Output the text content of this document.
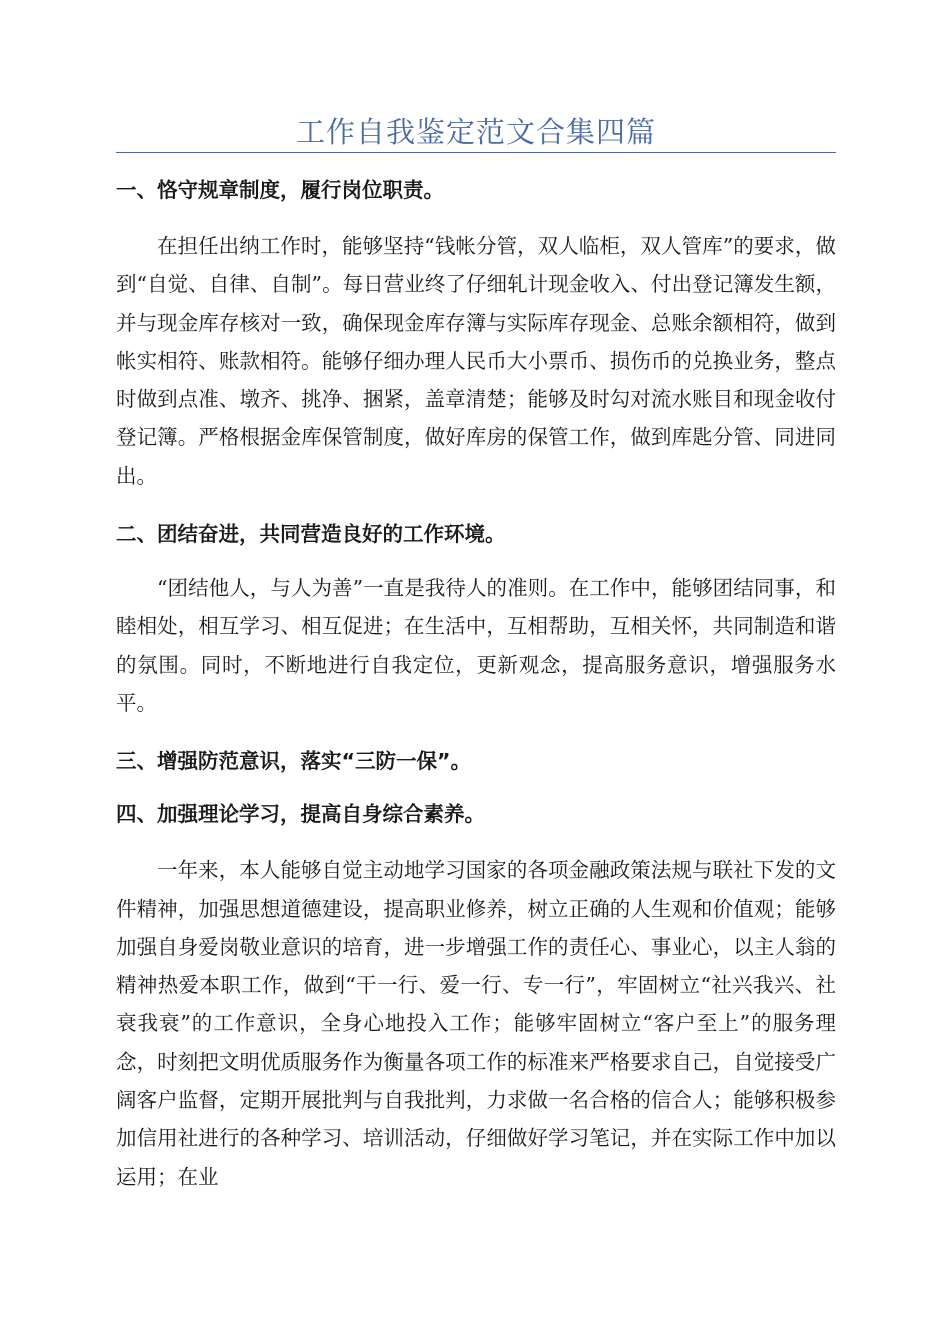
工作自我鉴定范文合集四篇

一、恪守规章制度，履行岗位职责。

在担任出纳工作时，能够坚持“钱帐分管，双人临柜，双人管库”的要求，做到“自觉、自律、自制”。每日营业终了仔细轧计现金收入、付出登记簿发生额，并与现金库存核对一致，确保现金库存簿与实际库存现金、总账余额相符，做到帐实相符、账款相符。能够仔细办理人民币大小票币、损伤币的兑换业务，整点时做到点准、墩齐、挑净、捆紧，盖章清楚；能够及时勾对流水账目和现金收付登记簿。严格根据金库保管制度，做好库房的保管工作，做到库匙分管、同进同出。

二、团结奋进，共同营造良好的工作环境。

“团结他人，与人为善”一直是我待人的准则。在工作中，能够团结同事，和睦相处，相互学习、相互促进；在生活中，互相帮助，互相关怀，共同制造和谐的氛围。同时，不断地进行自我定位，更新观念，提高服务意识，增强服务水平。

三、增强防范意识，落实“三防一保”。

四、加强理论学习，提高自身综合素养。

一年来，本人能够自觉主动地学习国家的各项金融政策法规与联社下发的文件精神，加强思想道德建设，提高职业修养，树立正确的人生观和价值观；能够加强自身爱岗敬业意识的培育，进一步增强工作的责任心、事业心，以主人翁的精神热爱本职工作，做到“干一行、爱一行、专一行”，牢固树立“社兴我兴、社衰我衰”的工作意识，全身心地投入工作；能够牢固树立“客户至上”的服务理念，时刻把文明优质服务作为衡量各项工作的标准来严格要求自己，自觉接受广阔客户监督，定期开展批判与自我批判，力求做一名合格的信合人；能够积极参加信用社进行的各种学习、培训活动，仔细做好学习笔记，并在实际工作中加以运用；在业
